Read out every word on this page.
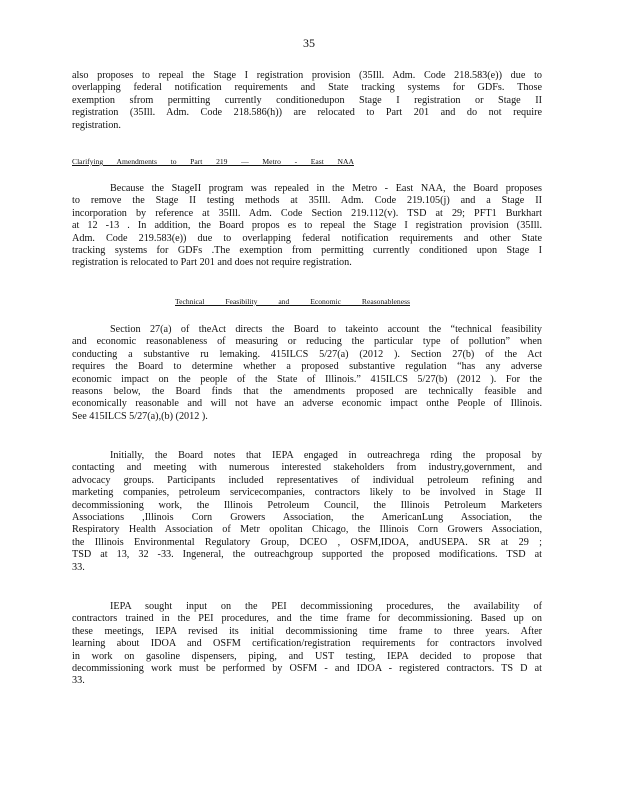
35
also proposes to repeal the Stage I registration provision (35Ill. Adm. Code 218.583(e)) due to
overlapping federal notification requirements and State tracking systems for GDFs. Those
exemption sfrom permitting currently conditionedupon Stage I registration or Stage II
registration (35Ill. Adm. Code 218.586(h)) are relocated to Part 201 and do not require
registration.
Clarifying Amendments to Part 219 — Metro - East NAA
Because the StageII program was repealed in the Metro - East NAA, the Board proposes
to remove the Stage II testing methods at 35Ill. Adm. Code 219.105(j) and a Stage II
incorporation by reference at 35Ill. Adm. Code Section 219.112(v). TSD at 29; PFT1 Burkhart
at 12 -13 . In addition, the Board propos es to repeal the Stage I registration provision (35Ill.
Adm. Code 219.583(e)) due to overlapping federal notification requirements and other State
tracking systems for GDFs .The exemption from permitting currently conditioned upon Stage I
registration is relocated to Part 201 and does not require registration.
Technical Feasibility and Economic Reasonableness
Section 27(a) of theAct directs the Board to takeinto account the “technical feasibility
and economic reasonableness of measuring or reducing the particular type of pollution” when
conducting a substantive ru lemaking. 415ILCS 5/27(a) (2012 ). Section 27(b) of the Act
requires the Board to determine whether a proposed substantive regulation “has any adverse
economic impact on the people of the State of Illinois.” 415ILCS 5/27(b) (2012 ). For the
reasons below, the Board finds that the amendments proposed are technically feasible and
economically reasonable and will not have an adverse economic impact onthe People of Illinois.
See 415ILCS 5/27(a),(b) (2012 ).
Initially, the Board notes that IEPA engaged in outreachrega rding the proposal by
contacting and meeting with numerous interested stakeholders from industry,government, and
advocacy groups. Participants included representatives of individual petroleum refining and
marketing companies, petroleum servicecompanies, contractors likely to be involved in Stage II
decommissioning work, the Illinois Petroleum Council, the Illinois Petroleum Marketers
Associations ,Illinois Corn Growers Association, the AmericanLung Association, the
Respiratory Health Association of Metr opolitan Chicago, the Illinois Corn Growers Association,
the Illinois Environmental Regulatory Group, DCEO , OSFM,IDOA, andUSEPA. SR at 29 ;
TSD at 13, 32 -33. Ingeneral, the outreachgroup supported the proposed modifications. TSD at
33.
IEPA sought input on the PEI decommissioning procedures, the availability of
contractors trained in the PEI procedures, and the time frame for decommissioning. Based up on
these meetings, IEPA revised its initial decommissioning time frame to three years. After
learning about IDOA and OSFM certification/registration requirements for contractors involved
in work on gasoline dispensers, piping, and UST testing, IEPA decided to propose that
decommissioning work must be performed by OSFM - and IDOA - registered contractors. TS D at
33.
